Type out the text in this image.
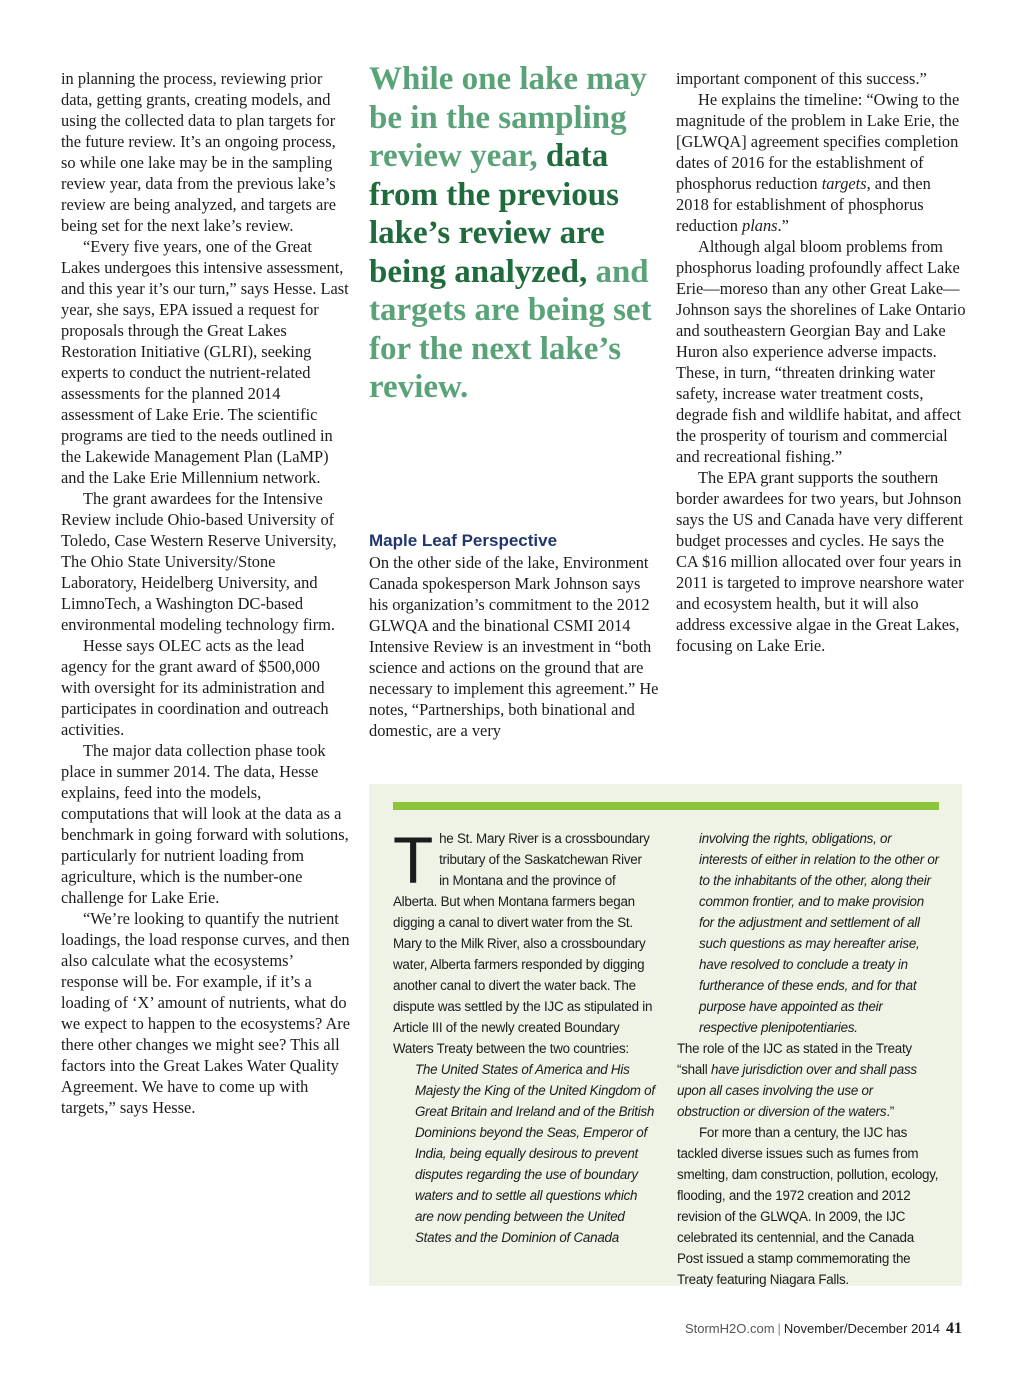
in planning the process, reviewing prior data, getting grants, creating models, and using the collected data to plan targets for the future review. It’s an ongoing process, so while one lake may be in the sampling review year, data from the previous lake’s review are being analyzed, and targets are being set for the next lake’s review.

“Every five years, one of the Great Lakes undergoes this intensive assessment, and this year it’s our turn,” says Hesse. Last year, she says, EPA issued a request for proposals through the Great Lakes Restoration Initiative (GLRI), seeking experts to conduct the nutrient-related assessments for the planned 2014 assessment of Lake Erie. The scientific programs are tied to the needs outlined in the Lakewide Management Plan (LaMP) and the Lake Erie Millennium network.

The grant awardees for the Intensive Review include Ohio-based University of Toledo, Case Western Reserve University, The Ohio State University/Stone Laboratory, Heidelberg University, and LimnoTech, a Washington DC-based environmental modeling technology firm.

Hesse says OLEC acts as the lead agency for the grant award of $500,000 with oversight for its administration and participates in coordination and outreach activities.

The major data collection phase took place in summer 2014. The data, Hesse explains, feed into the models, computations that will look at the data as a benchmark in going forward with solutions, particularly for nutrient loading from agriculture, which is the number-one challenge for Lake Erie.

“We’re looking to quantify the nutrient loadings, the load response curves, and then also calculate what the ecosystems’ response will be. For example, if it’s a loading of ‘X’ amount of nutrients, what do we expect to happen to the ecosystems? Are there other changes we might see? This all factors into the Great Lakes Water Quality Agreement. We have to come up with targets,” says Hesse.

While one lake may be in the sampling review year, data from the previous lake’s review are being analyzed, and targets are being set for the next lake’s review.
Maple Leaf Perspective

On the other side of the lake, Environment Canada spokesperson Mark Johnson says his organization’s commitment to the 2012 GLWQA and the binational CSMI 2014 Intensive Review is an investment in “both science and actions on the ground that are necessary to implement this agreement.” He notes, “Partnerships, both binational and domestic, are a very

important component of this success.”

He explains the timeline: “Owing to the magnitude of the problem in Lake Erie, the [GLWQA] agreement specifies completion dates of 2016 for the establishment of phosphorus reduction targets, and then 2018 for establishment of phosphorus reduction plans.”

Although algal bloom problems from phosphorus loading profoundly affect Lake Erie—moreso than any other Great Lake—Johnson says the shorelines of Lake Ontario and southeastern Georgian Bay and Lake Huron also experience adverse impacts. These, in turn, “threaten drinking water safety, increase water treatment costs, degrade fish and wildlife habitat, and affect the prosperity of tourism and commercial and recreational fishing.”

The EPA grant supports the southern border awardees for two years, but Johnson says the US and Canada have very different budget processes and cycles. He says the CA $16 million allocated over four years in 2011 is targeted to improve nearshore water and ecosystem health, but it will also address excessive algae in the Great Lakes, focusing on Lake Erie.

The St. Mary River is a crossboundary tributary of the Saskatchewan River in Montana and the province of Alberta. But when Montana farmers began digging a canal to divert water from the St. Mary to the Milk River, also a crossboundary water, Alberta farmers responded by digging another canal to divert the water back. The dispute was settled by the IJC as stipulated in Article III of the newly created Boundary Waters Treaty between the two countries:

The United States of America and His Majesty the King of the United Kingdom of Great Britain and Ireland and of the British Dominions beyond the Seas, Emperor of India, being equally desirous to prevent disputes regarding the use of boundary waters and to settle all questions which are now pending between the United States and the Dominion of Canada

involving the rights, obligations, or interests of either in relation to the other or to the inhabitants of the other, along their common frontier, and to make provision for the adjustment and settlement of all such questions as may hereafter arise, have resolved to conclude a treaty in furtherance of these ends, and for that purpose have appointed as their respective plenipotentiaries.

The role of the IJC as stated in the Treaty “shall have jurisdiction over and shall pass upon all cases involving the use or obstruction or diversion of the waters.”

For more than a century, the IJC has tackled diverse issues such as fumes from smelting, dam construction, pollution, ecology, flooding, and the 1972 creation and 2012 revision of the GLWQA. In 2009, the IJC celebrated its centennial, and the Canada Post issued a stamp commemorating the Treaty featuring Niagara Falls.

StormH2O.com | November/December 2014 41
